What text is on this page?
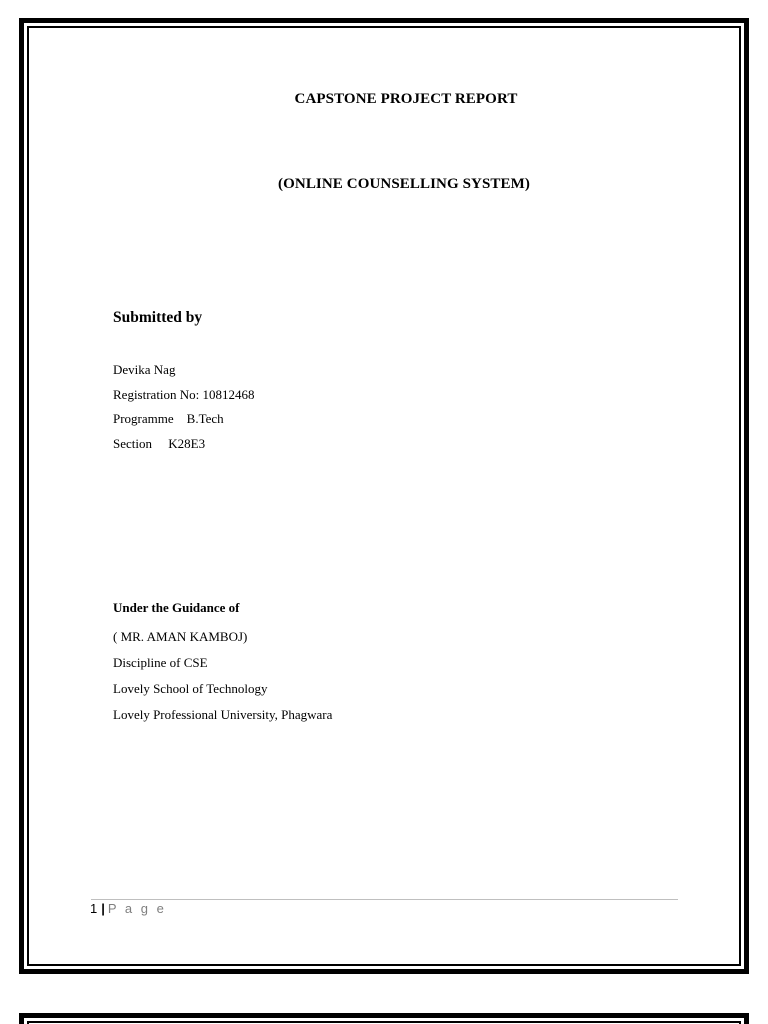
CAPSTONE PROJECT REPORT
(ONLINE COUNSELLING SYSTEM)
Submitted by
Devika Nag
Registration No: 10812468
Programme    B.Tech
Section     K28E3
Under the Guidance of
( MR. AMAN KAMBOJ)
Discipline of CSE
Lovely School of Technology
Lovely Professional University, Phagwara
1 | P a g e
